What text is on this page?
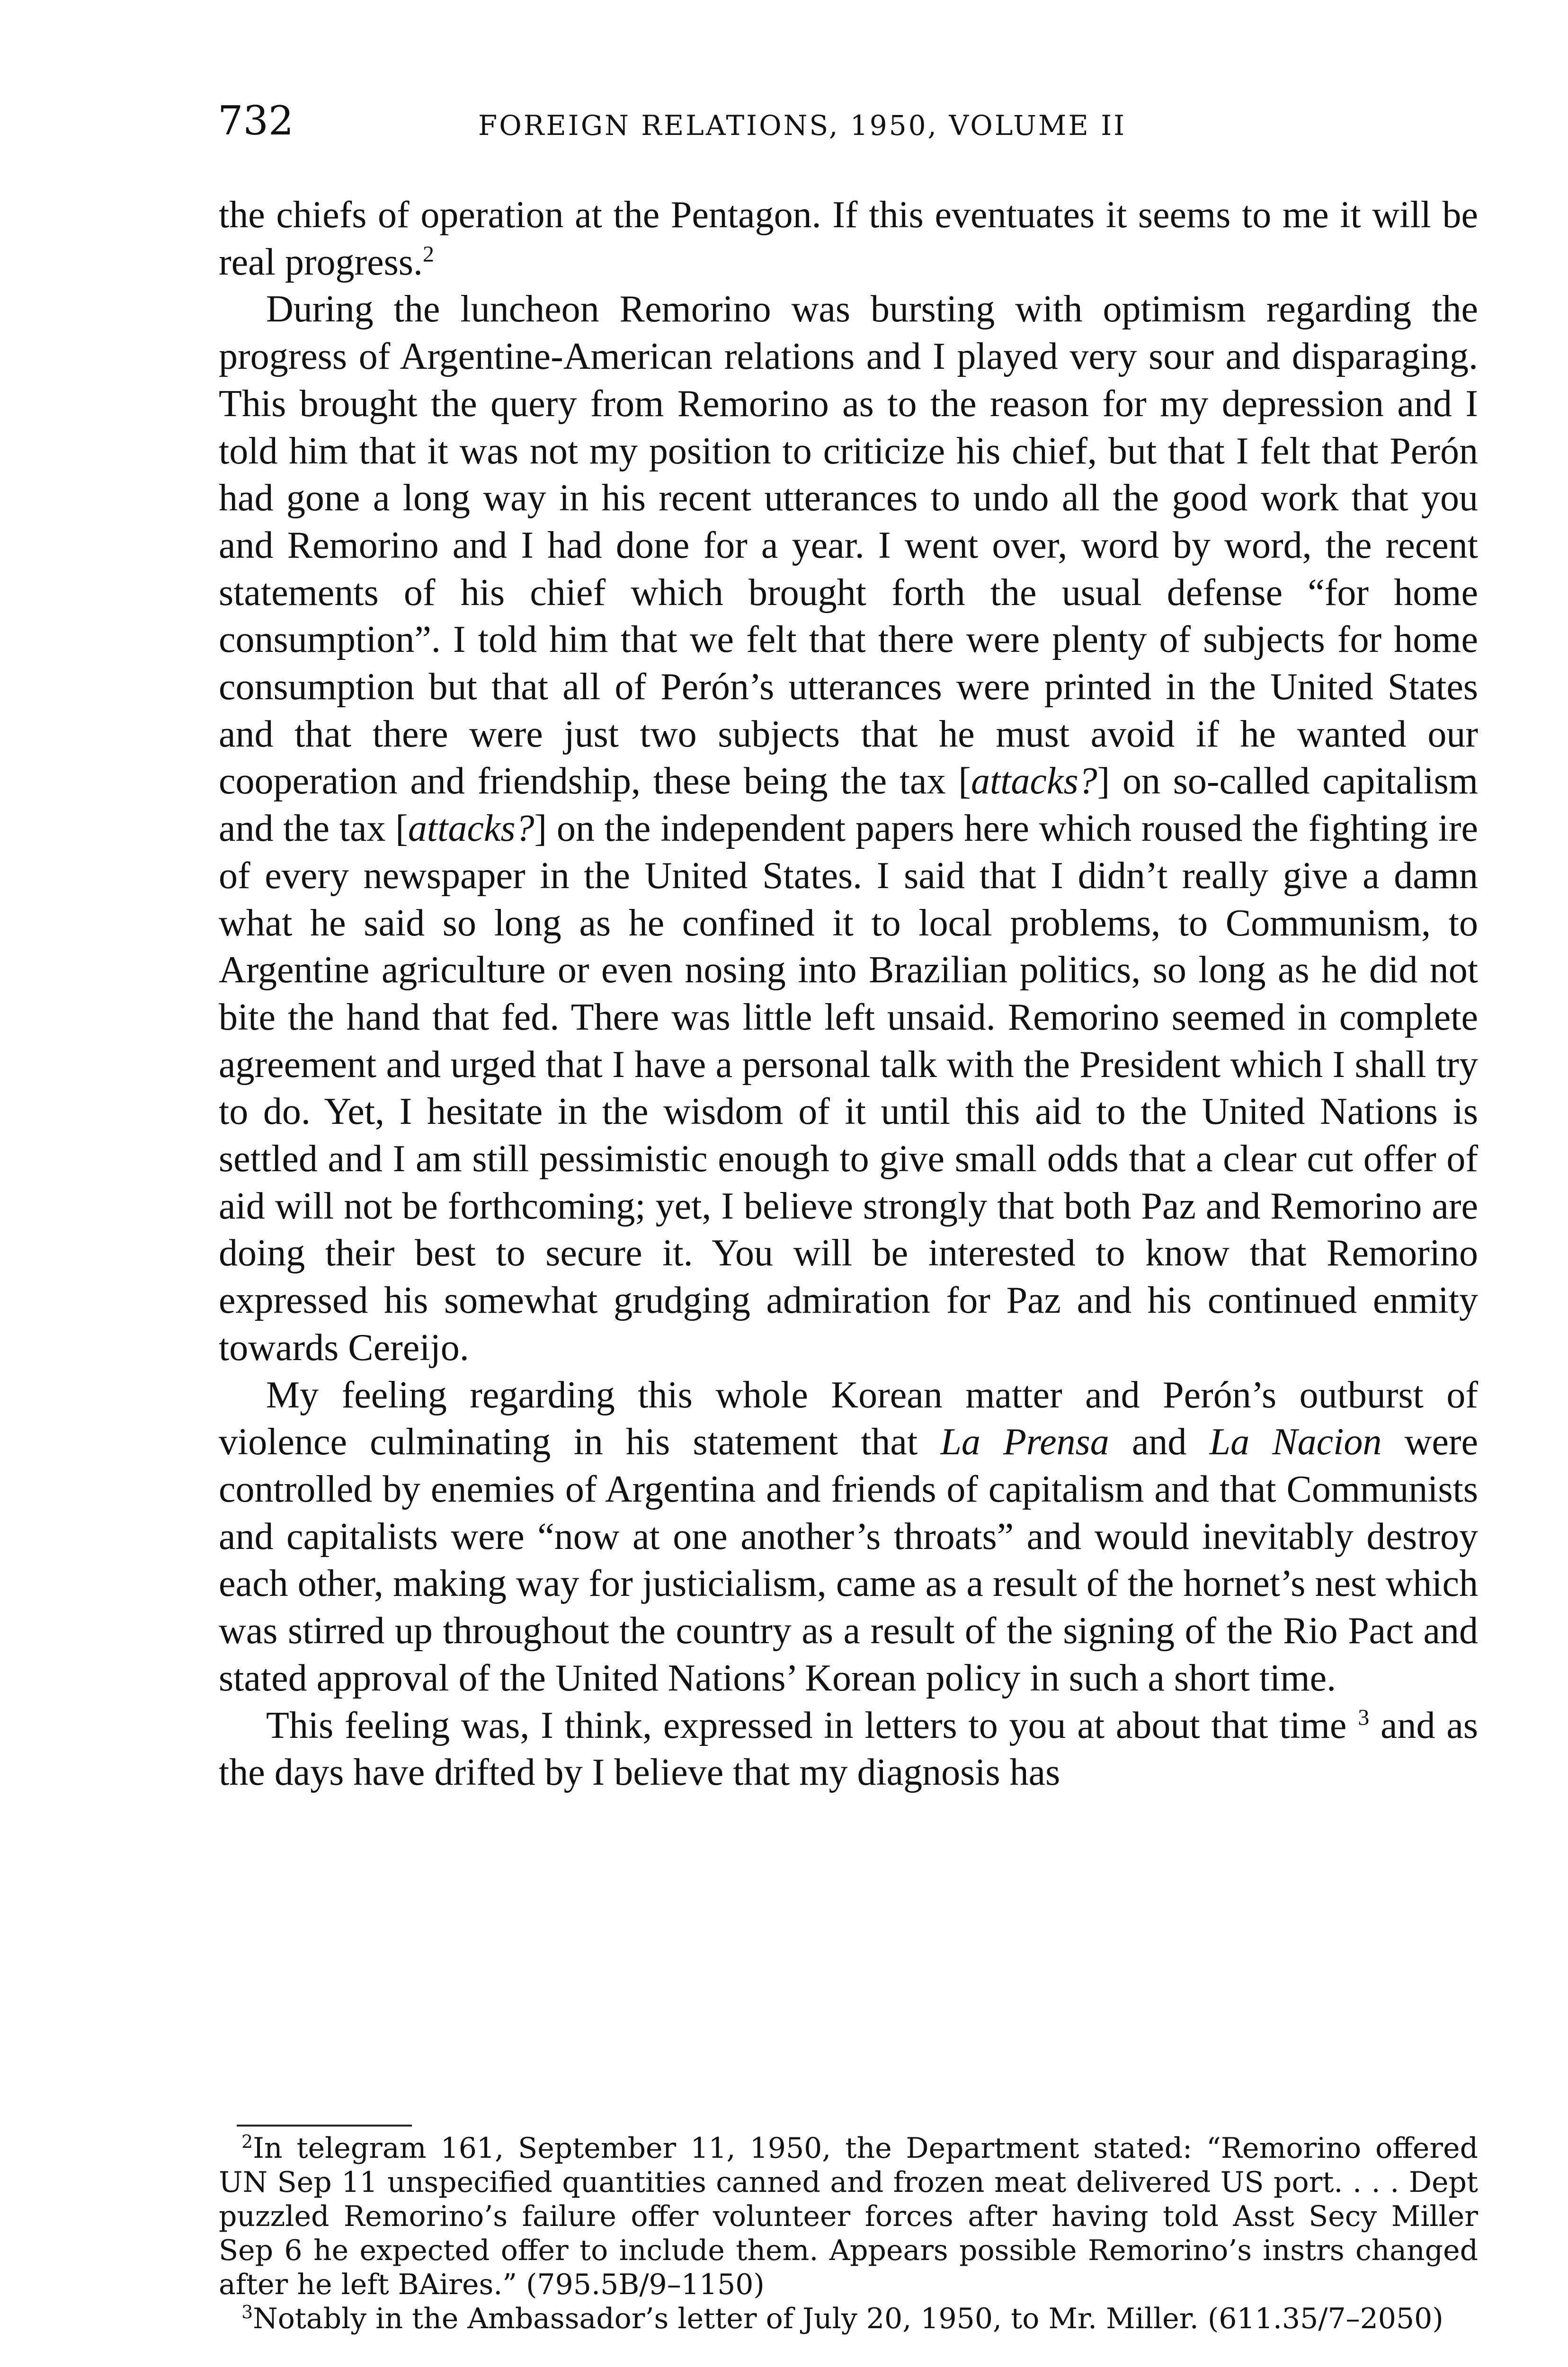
732	FOREIGN RELATIONS, 1950, VOLUME II

the chiefs of operation at the Pentagon. If this eventuates it seems to me it will be real progress.$^2$

During the luncheon Remorino was bursting with optimism regarding the progress of Argentine-American relations and I played very sour and disparaging. This brought the query from Remorino as to the reason for my depression and I told him that it was not my position to criticize his chief, but that I felt that Perón had gone a long way in his recent utterances to undo all the good work that you and Remorino and I had done for a year. I went over, word by word, the recent statements of his chief which brought forth the usual defense “for home consumption”. I told him that we felt that there were plenty of subjects for home consumption but that all of Perón’s utterances were printed in the United States and that there were just two subjects that he must avoid if he wanted our cooperation and friendship, these being the tax [attacks?] on so-called capitalism and the tax [attacks?] on the independent papers here which roused the fighting ire of every newspaper in the United States. I said that I didn’t really give a damn what he said so long as he confined it to local problems, to Communism, to Argentine agriculture or even nosing into Brazilian politics, so long as he did not bite the hand that fed. There was little left unsaid. Remorino seemed in complete agreement and urged that I have a personal talk with the President which I shall try to do. Yet, I hesitate in the wisdom of it until this aid to the United Nations is settled and I am still pessimistic enough to give small odds that a clear cut offer of aid will not be forthcoming; yet, I believe strongly that both Paz and Remorino are doing their best to secure it. You will be interested to know that Remorino expressed his somewhat grudging admiration for Paz and his continued enmity towards Cereijo.

My feeling regarding this whole Korean matter and Perón’s outburst of violence culminating in his statement that La Prensa and La Nacion were controlled by enemies of Argentina and friends of capitalism and that Communists and capitalists were “now at one another’s throats” and would inevitably destroy each other, making way for justicialism, came as a result of the hornet’s nest which was stirred up throughout the country as a result of the signing of the Rio Pact and stated approval of the United Nations’ Korean policy in such a short time.

This feeling was, I think, expressed in letters to you at about that time $^3$ and as the days have drifted by I believe that my diagnosis has

$^2$In telegram 161, September 11, 1950, the Department stated: “Remorino offered UN Sep 11 unspecified quantities canned and frozen meat delivered US port. . . . Dept puzzled Remorino’s failure offer volunteer forces after having told Asst Secy Miller Sep 6 he expected offer to include them. Appears possible Remorino’s instrs changed after he left BAires.” (795.5B/9–1150)

$^3$Notably in the Ambassador’s letter of July 20, 1950, to Mr. Miller. (611.35/7–2050)
